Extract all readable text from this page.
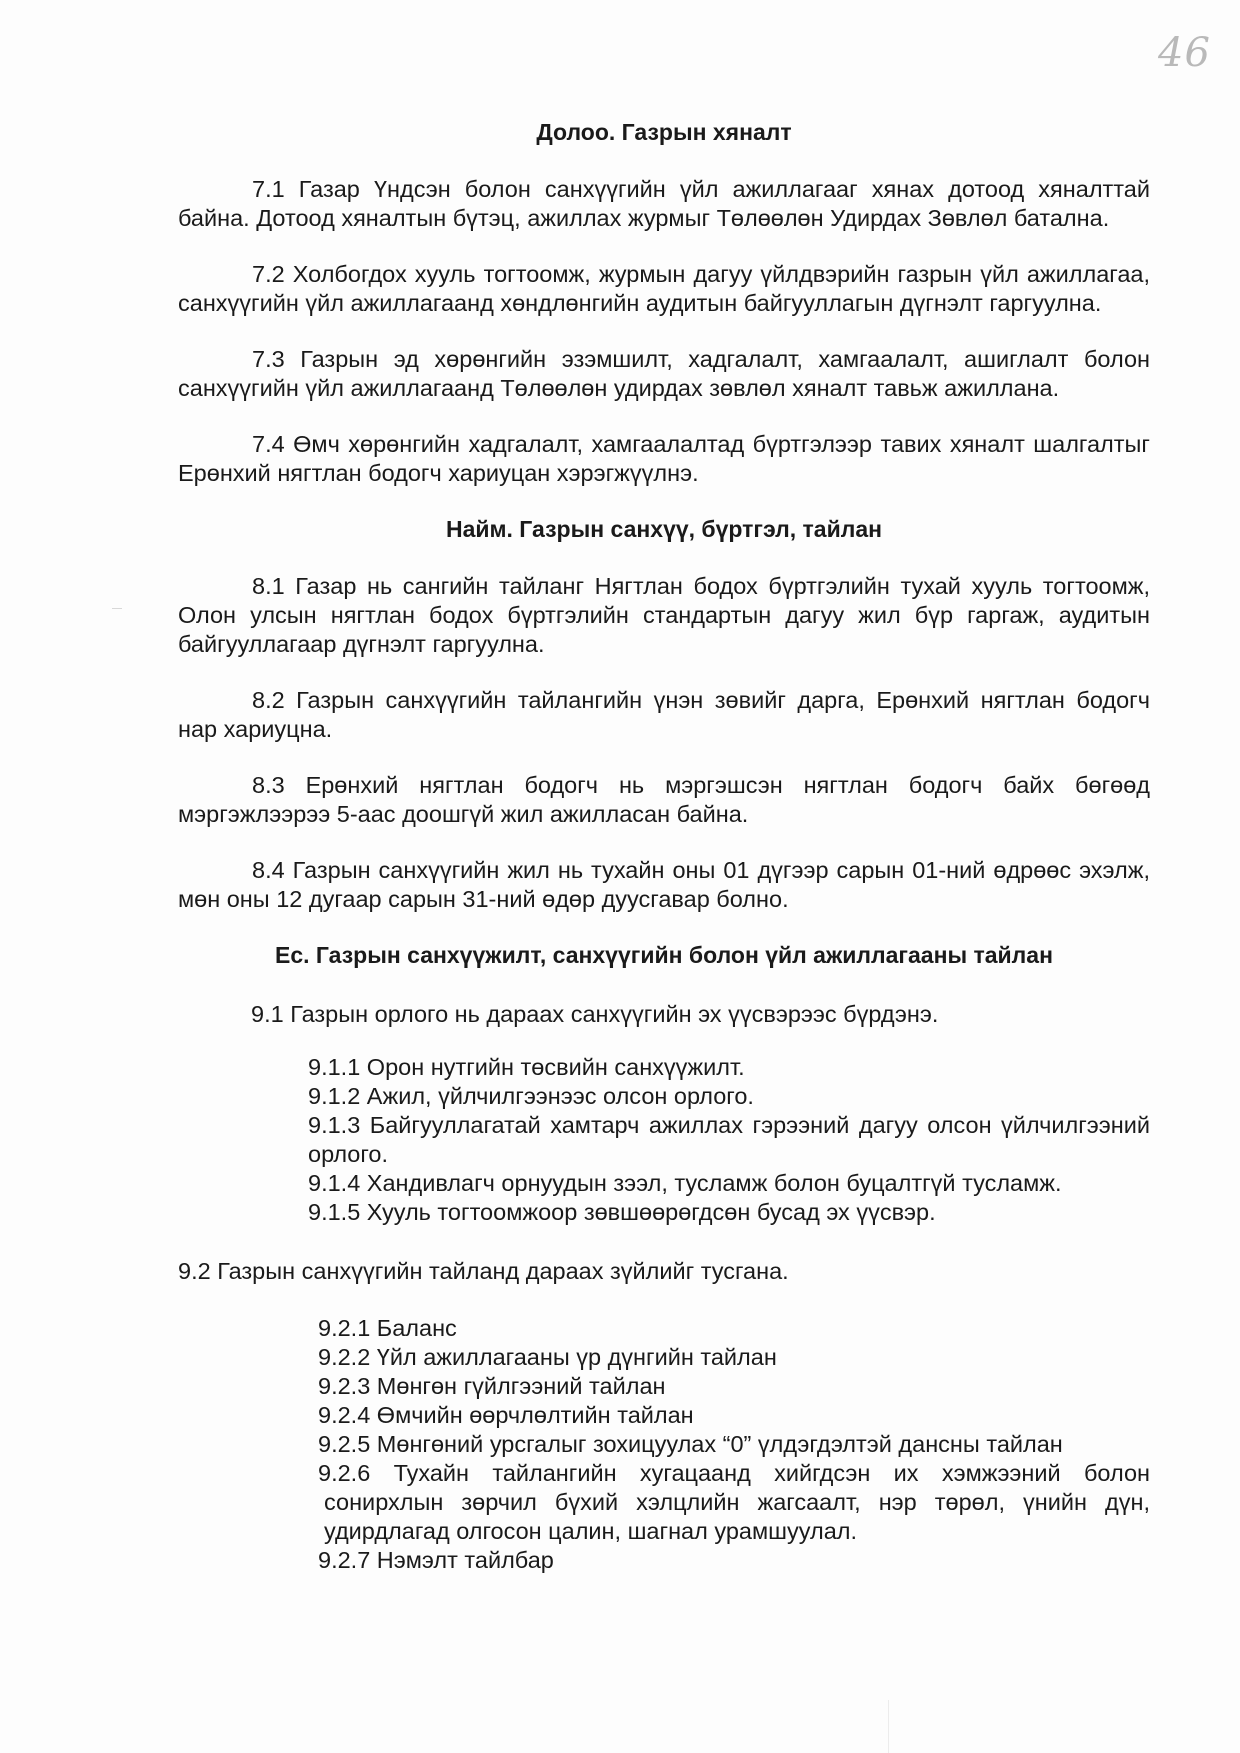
46
Долоо. Газрын хяналт

7.1 Газар Үндсэн болон санхүүгийн үйл ажиллагааг хянах дотоод хяналттай байна. Дотоод хяналтын бүтэц, ажиллах журмыг Төлөөлөн Удирдах Зөвлөл батална.

7.2 Холбогдох хууль тогтоомж, журмын дагуу үйлдвэрийн газрын үйл ажиллагаа, санхүүгийн үйл ажиллагаанд хөндлөнгийн аудитын байгууллагын дүгнэлт гаргуулна.

7.3 Газрын эд хөрөнгийн эзэмшилт, хадгалалт, хамгаалалт, ашиглалт болон санхүүгийн үйл ажиллагаанд Төлөөлөн удирдах зөвлөл хяналт тавьж ажиллана.

7.4 Өмч хөрөнгийн хадгалалт, хамгаалалтад бүртгэлээр тавих хяналт шалгалтыг Ерөнхий нягтлан бодогч хариуцан хэрэгжүүлнэ.

Найм. Газрын санхүү, бүртгэл, тайлан

8.1 Газар нь сангийн тайланг Нягтлан бодох бүртгэлийн тухай хууль тогтоомж, Олон улсын нягтлан бодох бүртгэлийн стандартын дагуу жил бүр гаргаж, аудитын байгууллагаар дүгнэлт гаргуулна.

8.2 Газрын санхүүгийн тайлангийн үнэн зөвийг дарга, Ерөнхий нягтлан бодогч нар хариуцна.

8.3 Ерөнхий нягтлан бодогч нь мэргэшсэн нягтлан бодогч байх бөгөөд мэргэжлээрээ 5-аас доошгүй жил ажилласан байна.

8.4 Газрын санхүүгийн жил нь тухайн оны 01 дүгээр сарын 01-ний өдрөөс эхэлж, мөн оны 12 дугаар сарын 31-ний өдөр дуусгавар болно.

Ес. Газрын санхүүжилт, санхүүгийн болон үйл ажиллагааны тайлан

9.1 Газрын орлого нь дараах санхүүгийн эх үүсвэрээс бүрдэнэ.

9.1.1 Орон нутгийн төсвийн санхүүжилт.
9.1.2 Ажил, үйлчилгээнээс олсон орлого.
9.1.3 Байгууллагатай хамтарч ажиллах гэрээний дагуу олсон үйлчилгээний орлого.
9.1.4 Хандивлагч орнуудын зээл, тусламж болон буцалтгүй тусламж.
9.1.5 Хууль тогтоомжоор зөвшөөрөгдсөн бусад эх үүсвэр.

9.2 Газрын санхүүгийн тайланд дараах зүйлийг тусгана.

9.2.1 Баланс
9.2.2 Үйл ажиллагааны үр дүнгийн тайлан
9.2.3 Мөнгөн гүйлгээний тайлан
9.2.4 Өмчийн өөрчлөлтийн тайлан
9.2.5 Мөнгөний урсгалыг зохицуулах “0” үлдэгдэлтэй дансны тайлан
9.2.6 Тухайн тайлангийн хугацаанд хийгдсэн их хэмжээний болон сонирхлын зөрчил бүхий хэлцлийн жагсаалт, нэр төрөл, үнийн дүн, удирдлагад олгосон цалин, шагнал урамшуулал.
9.2.7 Нэмэлт тайлбар
